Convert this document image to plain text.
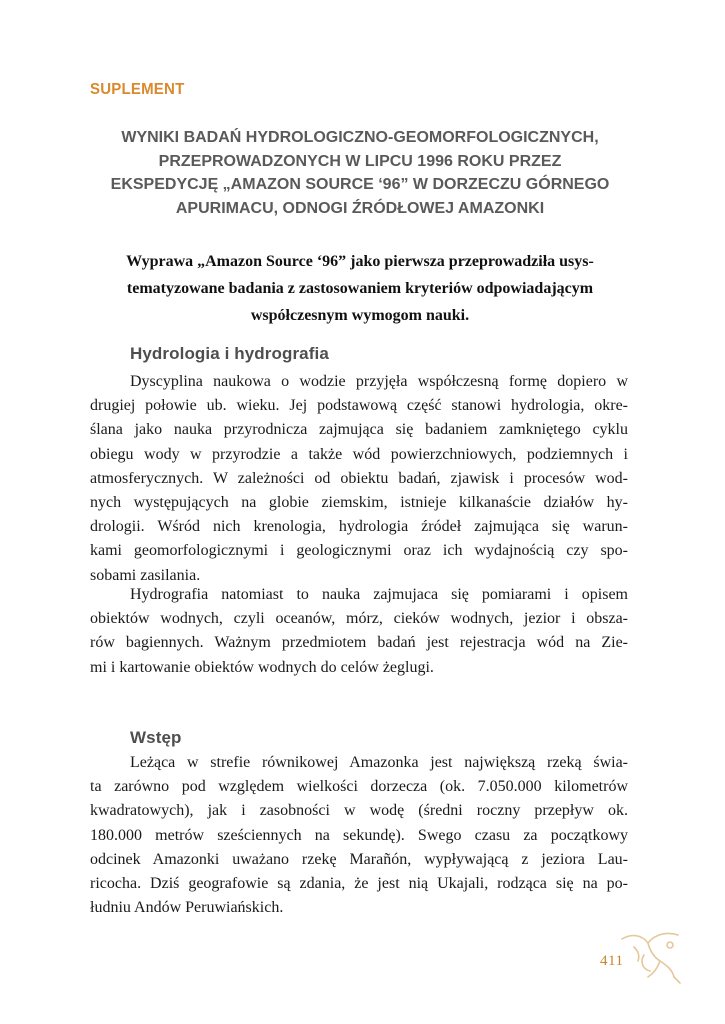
SUPLEMENT
WYNIKI BADAŃ HYDROLOGICZNO-GEOMORFOLOGICZNYCH,
PRZEPROWADZONYCH W LIPCU 1996 ROKU PRZEZ
EKSPEDYCJĘ „AMAZON SOURCE ‘96” W DORZECZU GÓRNEGO
APURIMACU, ODNOGI ŹRÓDŁOWEJ AMAZONKI
Wyprawa „Amazon Source ‘96” jako pierwsza przeprowadziła usys-
tematyzowane badania z zastosowaniem kryteriów odpowiadającym
współczesnym wymogom nauki.
Hydrologia i hydrografia
Dyscyplina naukowa o wodzie przyjęła współczesną formę dopiero w
drugiej połowie ub. wieku. Jej podstawową część stanowi hydrologia, okre-
ślana jako nauka przyrodnicza zajmująca się badaniem zamkniętego cyklu
obiegu wody w przyrodzie a także wód powierzchniowych, podziemnych i
atmosferycznych. W zależności od obiektu badań, zjawisk i procesów wod-
nych występujących na globie ziemskim, istnieje kilkanaście działów hy-
drologii. Wśród nich krenologia, hydrologia źródeł zajmująca się warun-
kami geomorfologicznymi i geologicznymi oraz ich wydajnością czy spo-
sobami zasilania.
Hydrografia natomiast to nauka zajmujaca się pomiarami i opisem
obiektów wodnych, czyli oceanów, mórz, cieków wodnych, jezior i obsza-
rów bagiennych. Ważnym przedmiotem badań jest rejestracja wód na Zie-
mi i kartowanie obiektów wodnych do celów żeglugi.
Wstęp
Leżąca w strefie równikowej Amazonka jest największą rzeką świa-
ta zarówno pod względem wielkości dorzecza (ok. 7.050.000 kilometrów
kwadratowych), jak i zasobności w wodę (średni roczny przepływ ok.
180.000 metrów sześciennych na sekundę). Swego czasu za początkowy
odcinek Amazonki uważano rzekę Marañón, wypływającą z jeziora Lau-
ricocha. Dziś geografowie są zdania, że jest nią Ukajali, rodząca się na po-
łudniu Andów Peruwiańskich.
411
